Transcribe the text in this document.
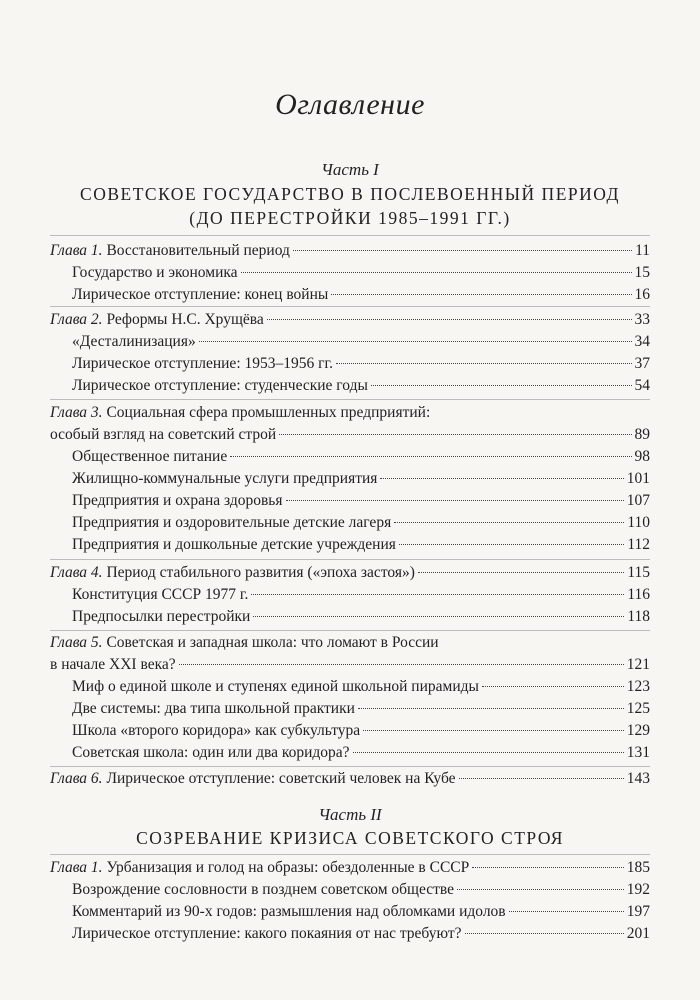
Оглавление
Часть I
СОВЕТСКОЕ ГОСУДАРСТВО В ПОСЛЕВОЕННЫЙ ПЕРИОД
(ДО ПЕРЕСТРОЙКИ 1985–1991 ГГ.)
Глава 1. Восстановительный период	11
Государство и экономика	15
Лирическое отступление: конец войны	16
Глава 2. Реформы Н.С. Хрущёва	33
«Десталинизация»	34
Лирическое отступление: 1953–1956 гг.	37
Лирическое отступление: студенческие годы	54
Глава 3. Социальная сфера промышленных предприятий:
особый взгляд на советский строй	89
Общественное питание	98
Жилищно-коммунальные услуги предприятия	101
Предприятия и охрана здоровья	107
Предприятия и оздоровительные детские лагеря	110
Предприятия и дошкольные детские учреждения	112
Глава 4. Период стабильного развития («эпоха застоя»)	115
Конституция СССР 1977 г.	116
Предпосылки перестройки	118
Глава 5. Советская и западная школа: что ломают в России
в начале XXI века?	121
Миф о единой школе и ступенях единой школьной пирамиды	123
Две системы: два типа школьной практики	125
Школа «второго коридора» как субкультура	129
Советская школа: один или два коридора?	131
Глава 6. Лирическое отступление: советский человек на Кубе	143
Часть II
СОЗРЕВАНИЕ КРИЗИСА СОВЕТСКОГО СТРОЯ
Глава 1. Урбанизация и голод на образы: обездоленные в СССР	185
Возрождение сословности в позднем советском обществе	192
Комментарий из 90-х годов: размышления над обломками идолов	197
Лирическое отступление: какого покаяния от нас требуют?	201
